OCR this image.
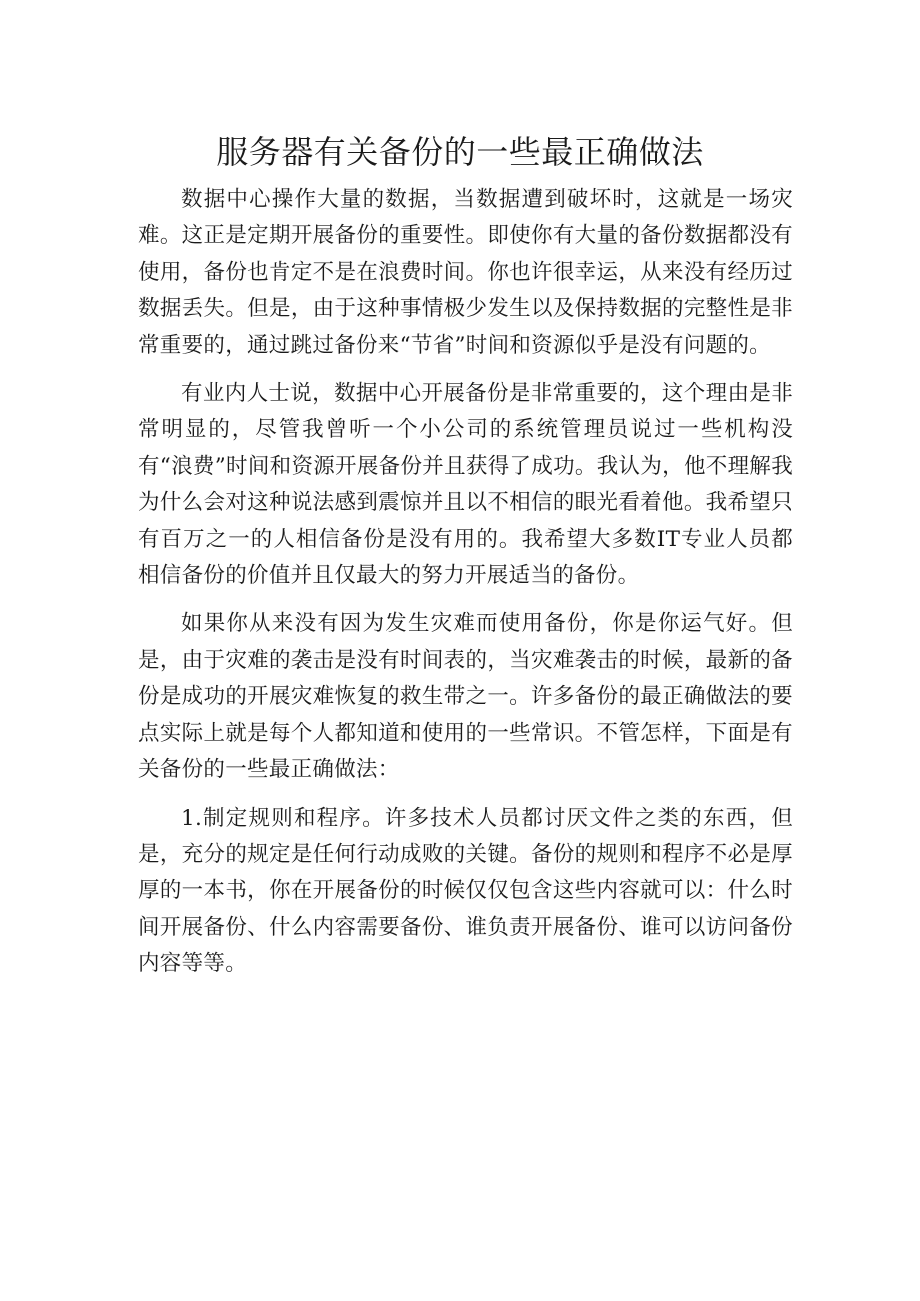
服务器有关备份的一些最正确做法

数据中心操作大量的数据，当数据遭到破坏时，这就是一场灾难。这正是定期开展备份的重要性。即使你有大量的备份数据都没有使用，备份也肯定不是在浪费时间。你也许很幸运，从来没有经历过数据丢失。但是，由于这种事情极少发生以及保持数据的完整性是非常重要的，通过跳过备份来“节省”时间和资源似乎是没有问题的。

有业内人士说，数据中心开展备份是非常重要的，这个理由是非常明显的，尽管我曾听一个小公司的系统管理员说过一些机构没有“浪费”时间和资源开展备份并且获得了成功。我认为，他不理解我为什么会对这种说法感到震惊并且以不相信的眼光看着他。我希望只有百万之一的人相信备份是没有用的。我希望大多数IT专业人员都相信备份的价值并且仅最大的努力开展适当的备份。

如果你从来没有因为发生灾难而使用备份，你是你运气好。但是，由于灾难的袭击是没有时间表的，当灾难袭击的时候，最新的备份是成功的开展灾难恢复的救生带之一。许多备份的最正确做法的要点实际上就是每个人都知道和使用的一些常识。不管怎样，下面是有关备份的一些最正确做法：

1.制定规则和程序。许多技术人员都讨厌文件之类的东西，但是，充分的规定是任何行动成败的关键。备份的规则和程序不必是厚厚的一本书，你在开展备份的时候仅仅包含这些内容就可以：什么时间开展备份、什么内容需要备份、谁负责开展备份、谁可以访问备份内容等等。
